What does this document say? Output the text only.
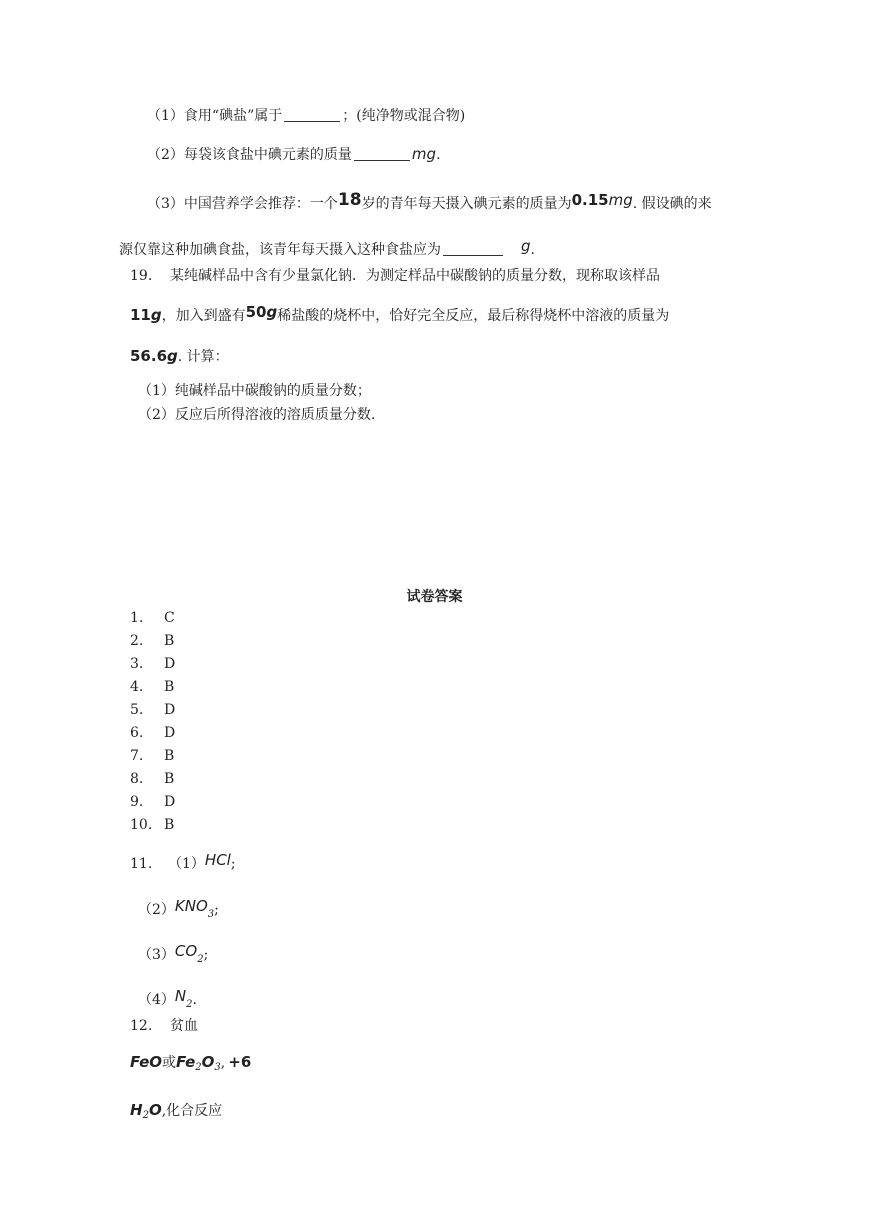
（1）食用“碘盐”属于	；(纯净物或混合物)
（2）每袋该食盐中碘元素的质量	mg.
（3）中国营养学会推荐：一个18岁的青年每天摄入碘元素的质量为0.15mg. 假设碘的来
源仅靠这种加碘食盐，该青年每天摄入这种食盐应为	g.
19. 某纯碱样品中含有少量氯化钠．为测定样品中碳酸钠的质量分数，现称取该样品
11g，加入到盛有50g稀盐酸的烧杯中，恰好完全反应，最后称得烧杯中溶液的质量为
56.6g. 计算：
（1）纯碱样品中碳酸钠的质量分数；
（2）反应后所得溶液的溶质质量分数.
试卷答案
1. C
2. B
3. D
4. B
5. D
6. D
7. B
8. B
9. D
10. B
11. （1）HCl;
$(2)KNO_3$;
$(3)CO_2$;
$(4)N_2$.
12. 贫血
FeO或$Fe_2O_3$, +6
$H_2O$,化合反应
